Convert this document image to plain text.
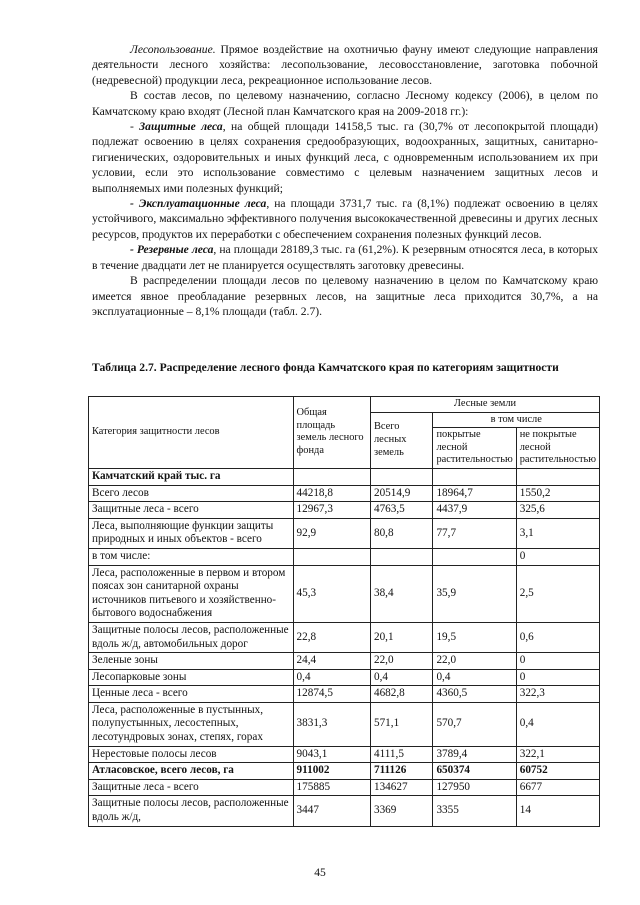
Лесопользование. Прямое воздействие на охотничью фауну имеют следующие направления деятельности лесного хозяйства: лесопользование, лесовосстановление, заготовка побочной (недревесной) продукции леса, рекреационное использование лесов.

В состав лесов, по целевому назначению, согласно Лесному кодексу (2006), в целом по Камчатскому краю входят (Лесной план Камчатского края на 2009-2018 гг.):

- Защитные леса, на общей площади 14158,5 тыс. га (30,7% от лесопокрытой площади) подлежат освоению в целях сохранения средообразующих, водоохранных, защитных, санитарно-гигиенических, оздоровительных и иных функций леса, с одновременным использованием их при условии, если это использование совместимо с целевым назначением защитных лесов и выполняемых ими полезных функций;

- Эксплуатационные леса, на площади 3731,7 тыс. га (8,1%) подлежат освоению в целях устойчивого, максимально эффективного получения высококачественной древесины и других лесных ресурсов, продуктов их переработки с обеспечением сохранения полезных функций лесов.

- Резервные леса, на площади 28189,3 тыс. га (61,2%). К резервным относятся леса, в которых в течение двадцати лет не планируется осуществлять заготовку древесины.

В распределении площади лесов по целевому назначению в целом по Камчатскому краю имеется явное преобладание резервных лесов, на защитные леса приходится 30,7%, а на эксплуатационные – 8,1% площади (табл. 2.7).

Таблица 2.7. Распределение лесного фонда Камчатского края по категориям защитности
Категория защитности лесов	Общая площадь земель лесного фонда	Лесные земли		
		Всего лесных земель	в том числе	
			покрытые лесной растительностью	не покрытые лесной растительностью
Камчатский край тыс. га				
Всего лесов	44218,8	20514,9	18964,7	1550,2
Защитные леса - всего	12967,3	4763,5	4437,9	325,6
Леса, выполняющие функции защиты природных и иных объектов - всего	92,9	80,8	77,7	3,1
в том числе:				0
Леса, расположенные в первом и втором поясах зон санитарной охраны источников питьевого и хозяйственно-бытового водоснабжения	45,3	38,4	35,9	2,5
Защитные полосы лесов, расположенные вдоль ж/д, автомобильных дорог	22,8	20,1	19,5	0,6
Зеленые зоны	24,4	22,0	22,0	0
Лесопарковые зоны	0,4	0,4	0,4	0
Ценные леса - всего	12874,5	4682,8	4360,5	322,3
Леса, расположенные в пустынных, полупустынных, лесостепных, лесотундровых зонах, степях, горах	3831,3	571,1	570,7	0,4
Нерестовые полосы лесов	9043,1	4111,5	3789,4	322,1
Атласовское, всего лесов, га	911002	711126	650374	60752
Защитные леса - всего	175885	134627	127950	6677
Защитные полосы лесов, расположенные вдоль ж/д,	3447	3369	3355	14
45
